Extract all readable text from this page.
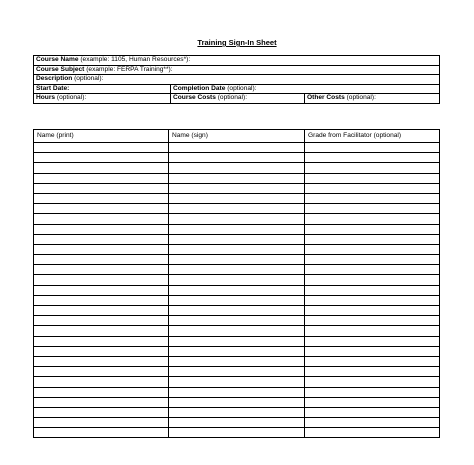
Training Sign-In Sheet
Course Name (example: 1105, Human Resources*):		
Course Subject (example: FERPA Training**):		
Description (optional):		
Start Date:	Completion Date (optional):	
Hours (optional):	Course Costs (optional):	Other Costs (optional):
Name (print)	Name (sign)	Grade from Facilitator (optional)
